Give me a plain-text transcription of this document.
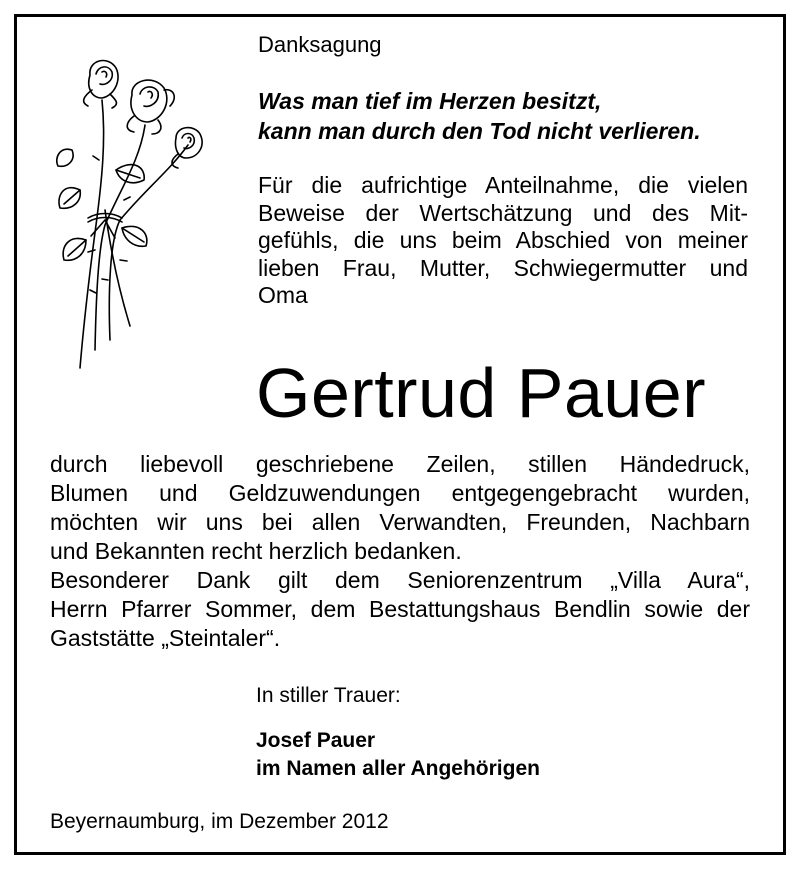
Danksagung
Was man tief im Herzen besitzt,
kann man durch den Tod nicht verlieren.
Für die aufrichtige Anteilnahme, die vielen
Beweise der Wertschätzung und des Mit-
gefühls, die uns beim Abschied von meiner
lieben Frau, Mutter, Schwiegermutter und
Oma
Gertrud Pauer
durch liebevoll geschriebene Zeilen, stillen Händedruck,
Blumen und Geldzuwendungen entgegengebracht wurden,
möchten wir uns bei allen Verwandten, Freunden, Nachbarn
und Bekannten recht herzlich bedanken.
Besonderer Dank gilt dem Seniorenzentrum „Villa Aura“,
Herrn Pfarrer Sommer, dem Bestattungshaus Bendlin sowie der
Gaststätte „Steintaler“.
In stiller Trauer:
Josef Pauer
im Namen aller Angehörigen
Beyernaumburg, im Dezember 2012
